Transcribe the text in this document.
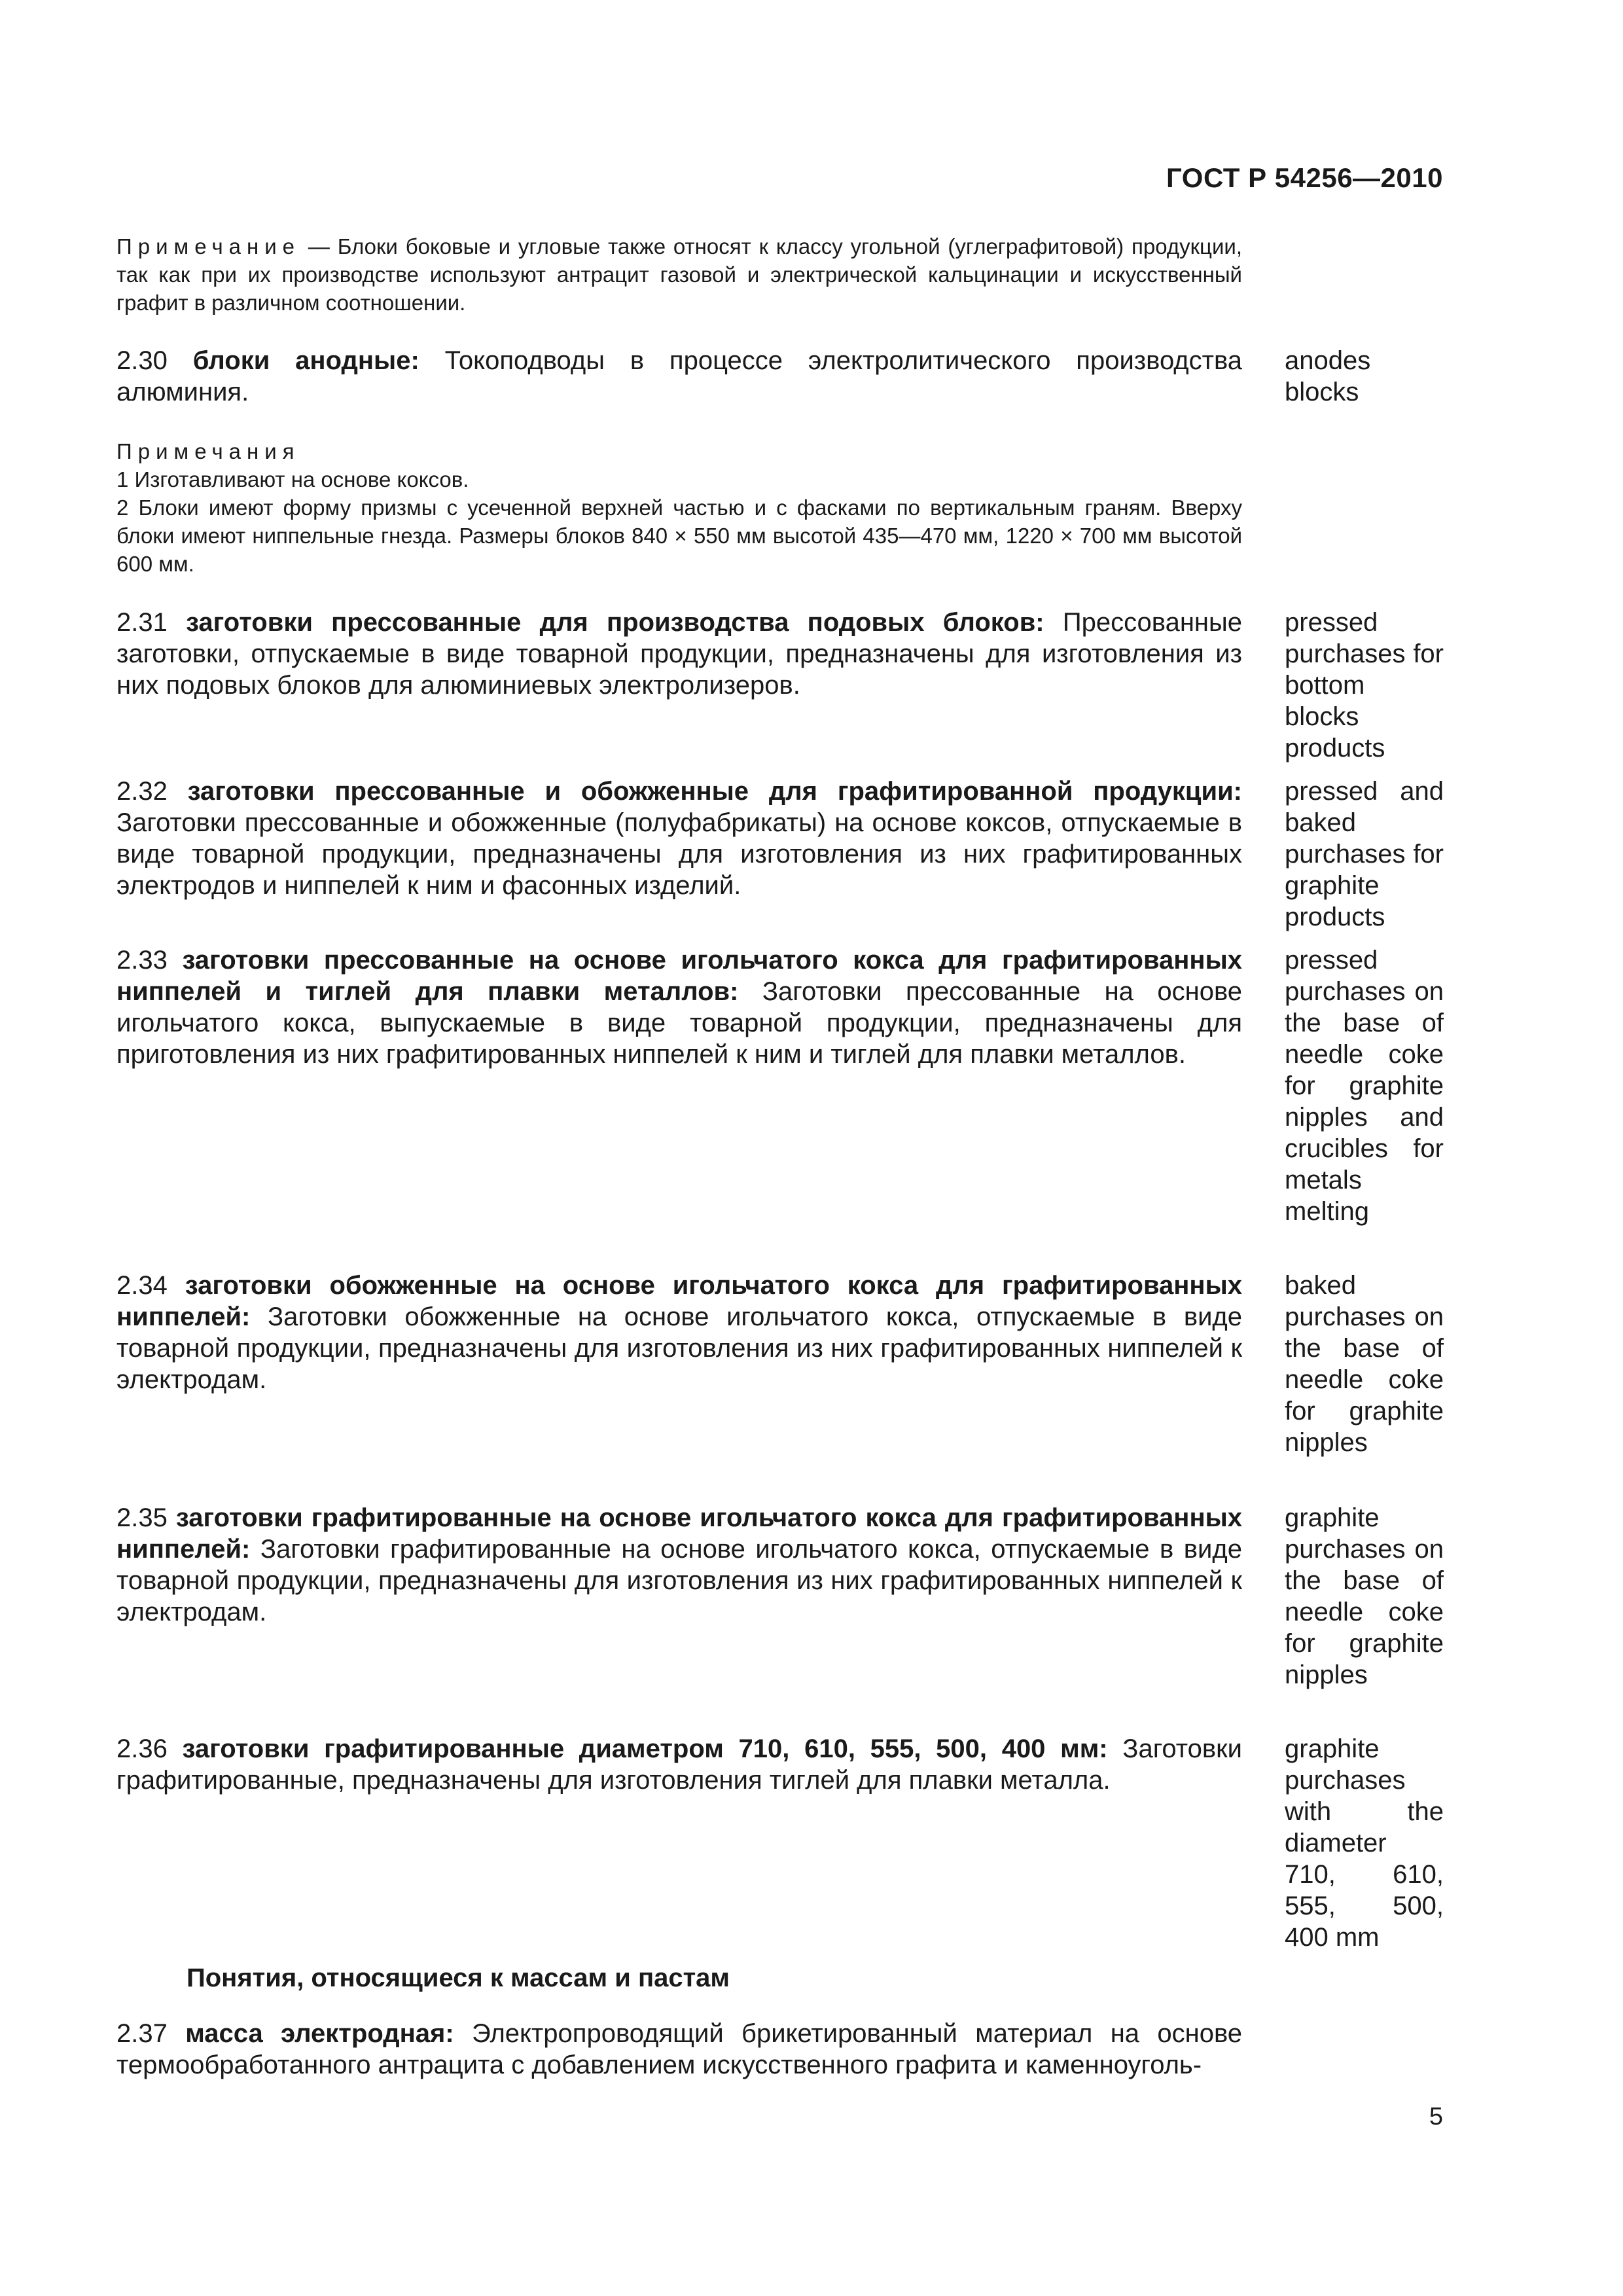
ГОСТ Р 54256—2010
Примечание — Блоки боковые и угловые также относят к классу угольной (углеграфитовой) продукции, так как при их производстве используют антрацит газовой и электрической кальцинации и искусственный графит в различном соотношении.
2.30 блоки анодные: Токоподводы в процессе электролитического производства алюминия.
anodes blocks
Примечания
1 Изготавливают на основе коксов.
2 Блоки имеют форму призмы с усеченной верхней частью и с фасками по вертикальным граням. Вверху блоки имеют ниппельные гнезда. Размеры блоков 840 × 550 мм высотой 435—470 мм, 1220 × 700 мм высотой 600 мм.
2.31 заготовки прессованные для производства подовых блоков: Прессованные заготовки, отпускаемые в виде товарной продукции, предназначены для изготовления из них подовых блоков для алюминиевых электролизеров.
pressed purchases for bottom blocks products
2.32 заготовки прессованные и обожженные для графитированной продукции: Заготовки прессованные и обожженные (полуфабрикаты) на основе коксов, отпускаемые в виде товарной продукции, предназначены для изготовления из них графитированных электродов и ниппелей к ним и фасонных изделий.
pressed and baked purchases for graphite products
2.33 заготовки прессованные на основе игольчатого кокса для графитированных ниппелей и тиглей для плавки металлов: Заготовки прессованные на основе игольчатого кокса, выпускаемые в виде товарной продукции, предназначены для приготовления из них графитированных ниппелей к ним и тиглей для плавки металлов.
pressed purchases on the base of needle coke for graphite nipples and crucibles for metals melting
2.34 заготовки обожженные на основе игольчатого кокса для графитированных ниппелей: Заготовки обожженные на основе игольчатого кокса, отпускаемые в виде товарной продукции, предназначены для изготовления из них графитированных ниппелей к электродам.
baked purchases on the base of needle coke for graphite nipples
2.35 заготовки графитированные на основе игольчатого кокса для графитированных ниппелей: Заготовки графитированные на основе игольчатого кокса, отпускаемые в виде товарной продукции, предназначены для изготовления из них графитированных ниппелей к электродам.
graphite purchases on the base of needle coke for graphite nipples
2.36 заготовки графитированные диаметром 710, 610, 555, 500, 400 мм: Заготовки графитированные, предназначены для изготовления тиглей для плавки металла.
graphite purchases with the diameter 710, 610, 555, 500, 400 mm
Понятия, относящиеся к массам и пастам
2.37 масса электродная: Электропроводящий брикетированный материал на основе термообработанного антрацита с добавлением искусственного графита и каменноуголь-
5
